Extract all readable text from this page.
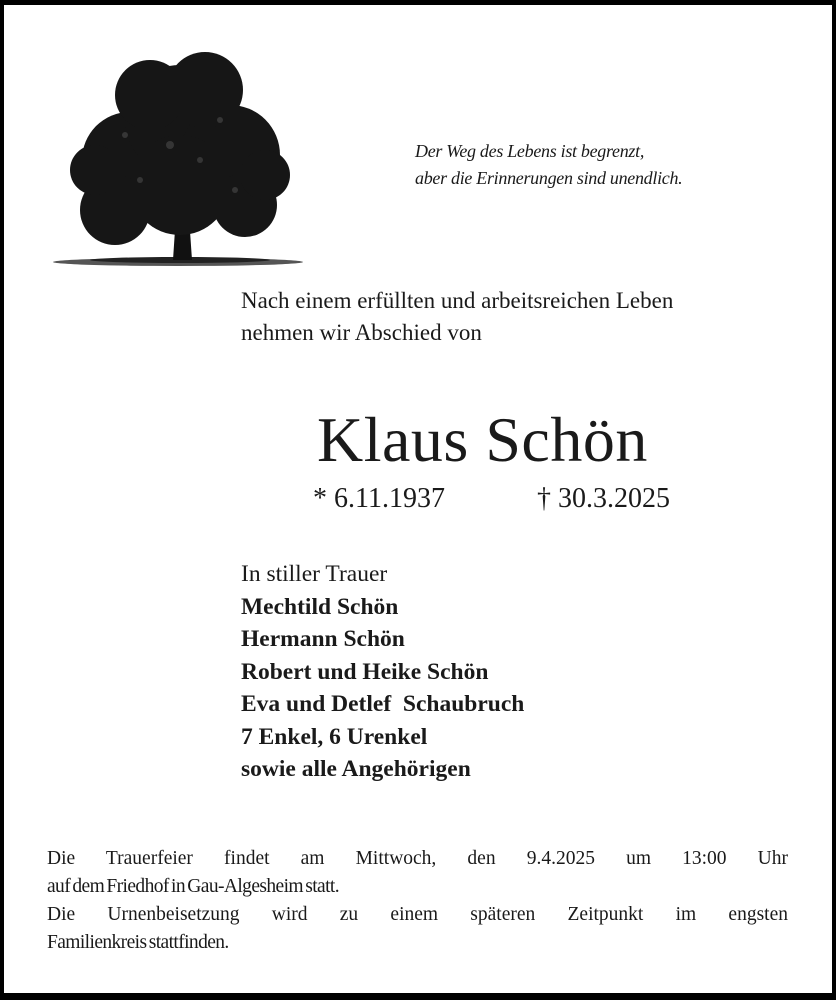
Der Weg des Lebens ist begrenzt,
aber die Erinnerungen sind unendlich.
Nach einem erfüllten und arbeitsreichen Leben
nehmen wir Abschied von
Klaus Schön
* 6.11.1937	† 30.3.2025
In stiller Trauer
Mechtild Schön
Hermann Schön
Robert und Heike Schön
Eva und Detlef  Schaubruch
7 Enkel, 6 Urenkel
sowie alle Angehörigen
Die Trauerfeier findet am Mittwoch, den 9.4.2025 um 13:00 Uhr
auf dem Friedhof in Gau-Algesheim statt.
Die Urnenbeisetzung wird zu einem späteren Zeitpunkt im engsten
Familienkreis stattfinden.
